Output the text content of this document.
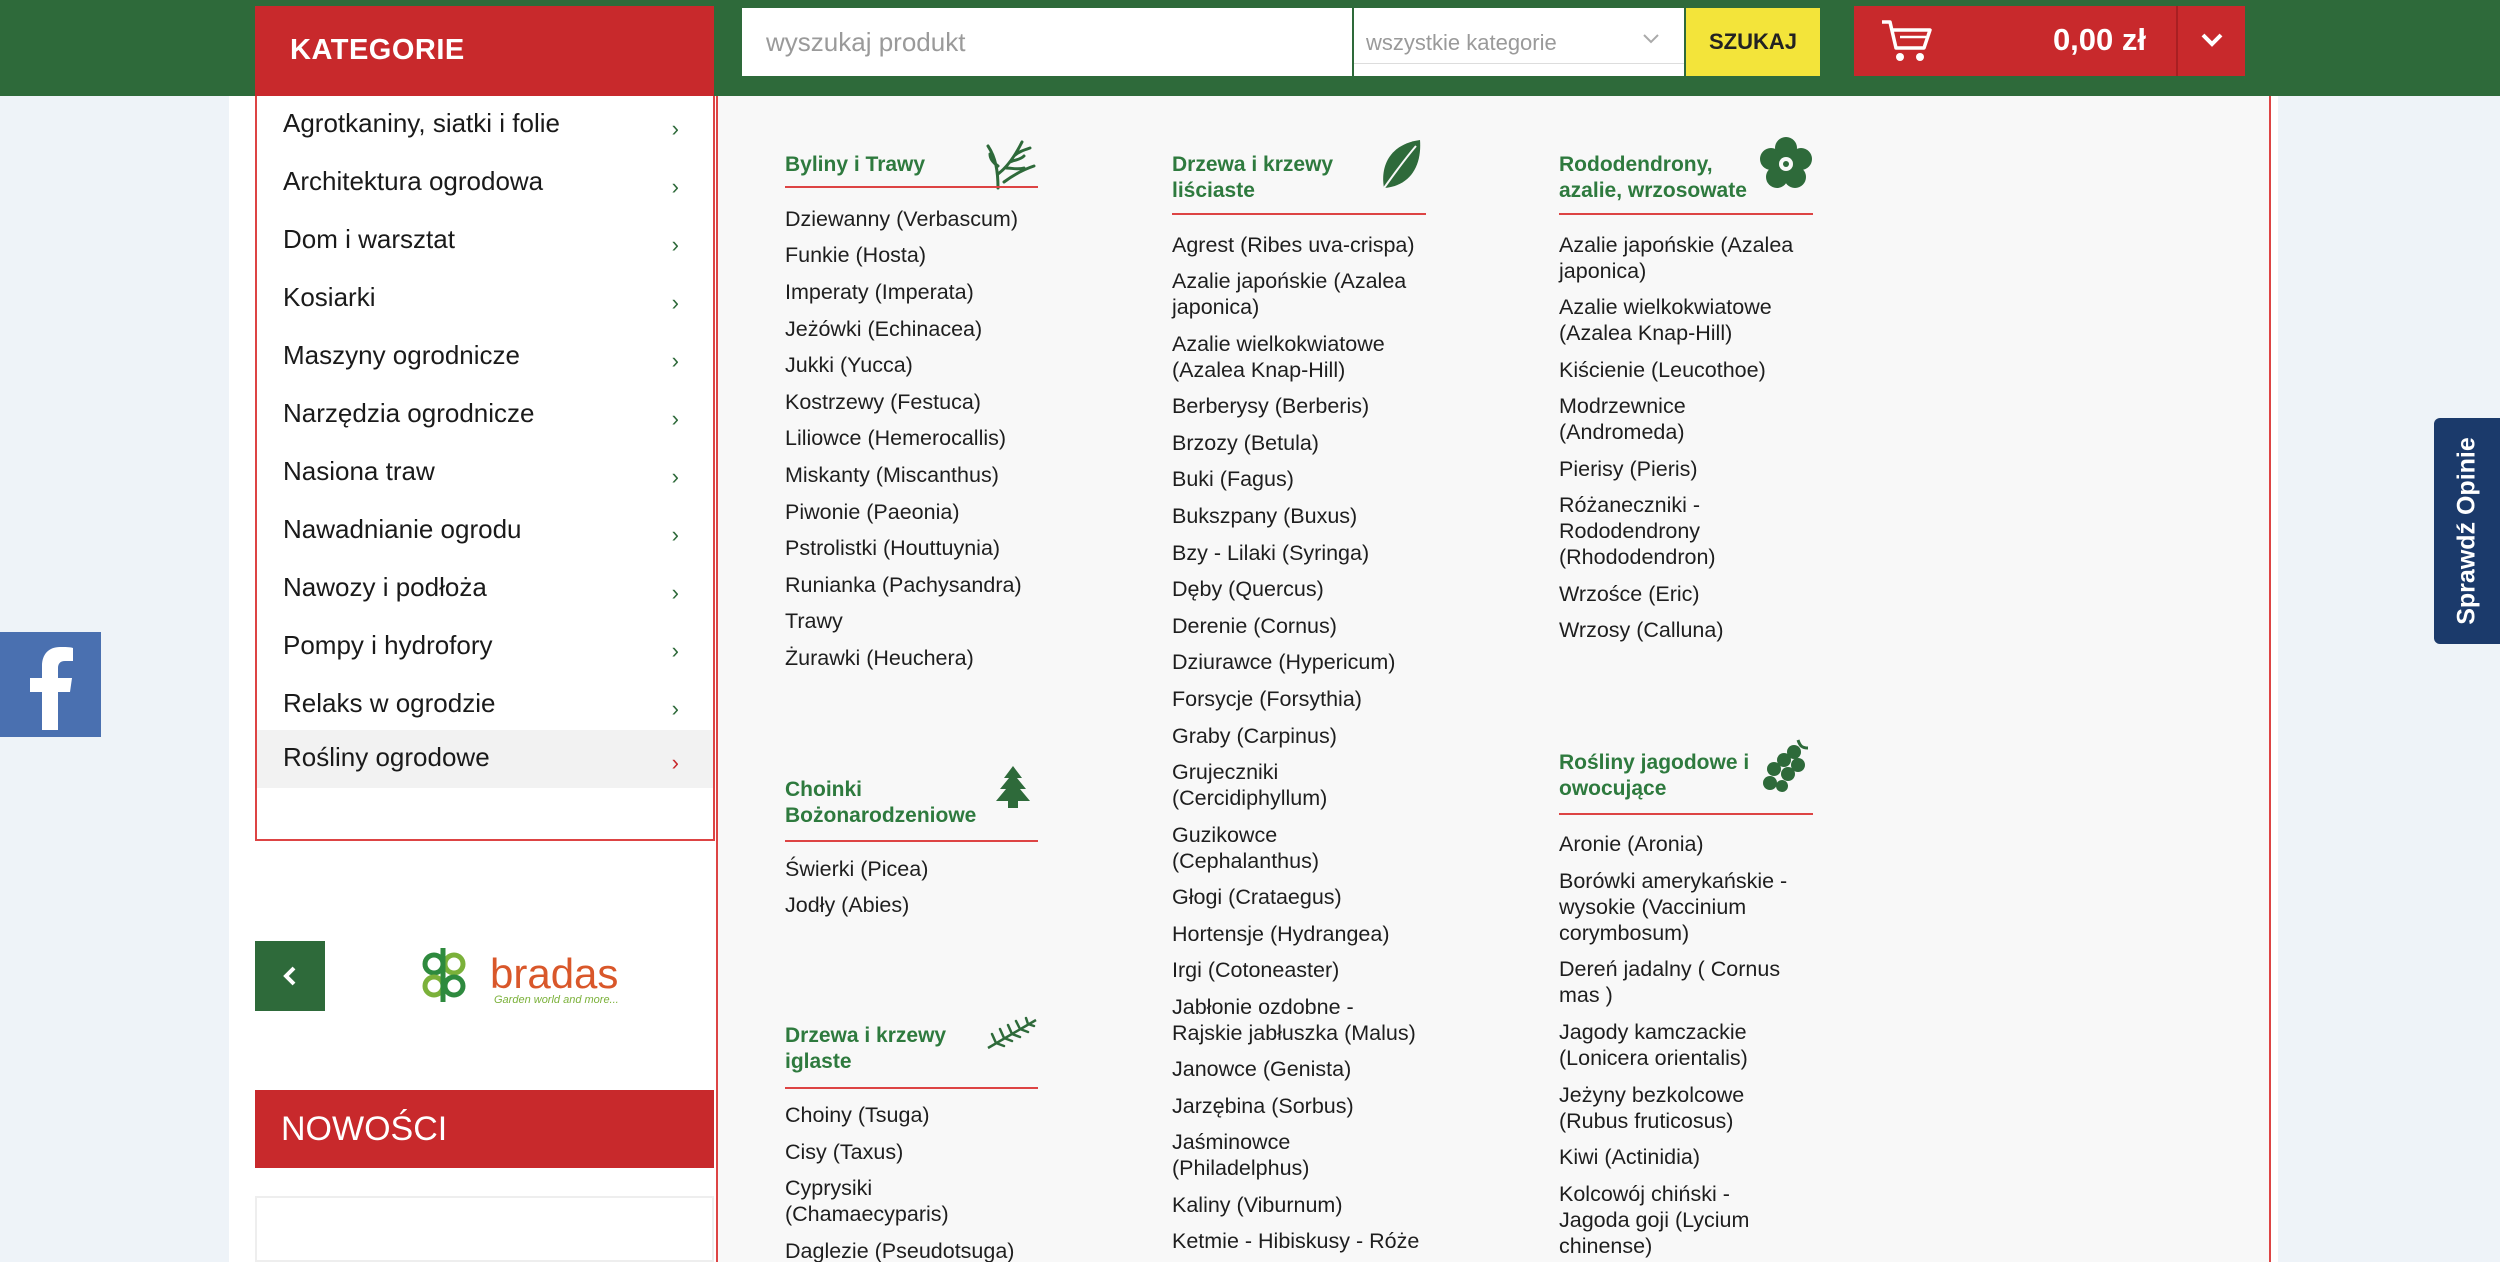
KATEGORIE
wyszukaj produkt	wszystkie kategorie	SZUKAJ	0,00 zł
Agrotkaniny, siatki i folie	›
Architektura ogrodowa	›
Dom i warsztat	›
Kosiarki	›
Maszyny ogrodnicze	›
Narzędzia ogrodnicze	›
Nasiona traw	›
Nawadnianie ogrodu	›
Nawozy i podłoża	›
Pompy i hydrofory	›
Relaks w ogrodzie	›
Rośliny ogrodowe	›
Byliny i Trawy
Dziewanny (Verbascum)
Funkie (Hosta)
Imperaty (Imperata)
Jeżówki (Echinacea)
Jukki (Yucca)
Kostrzewy (Festuca)
Liliowce (Hemerocallis)
Miskanty (Miscanthus)
Piwonie (Paeonia)
Pstrolistki (Houttuynia)
Runianka (Pachysandra)
Trawy
Żurawki (Heuchera)
Choinki
Bożonarodzeniowe
Świerki (Picea)
Jodły (Abies)
Drzewa i krzewy
iglaste
Choiny (Tsuga)
Cisy (Taxus)
Cyprysiki
(Chamaecyparis)
Daglezie (Pseudotsuga)
Drzewa i krzewy
liściaste
Agrest (Ribes uva-crispa)
Azalie japońskie (Azalea
japonica)
Azalie wielkokwiatowe
(Azalea Knap-Hill)
Berberysy (Berberis)
Brzozy (Betula)
Buki (Fagus)
Bukszpany (Buxus)
Bzy - Lilaki (Syringa)
Dęby (Quercus)
Derenie (Cornus)
Dziurawce (Hypericum)
Forsycje (Forsythia)
Graby (Carpinus)
Grujeczniki
(Cercidiphyllum)
Guzikowce
(Cephalanthus)
Głogi (Crataegus)
Hortensje (Hydrangea)
Irgi (Cotoneaster)
Jabłonie ozdobne -
Rajskie jabłuszka (Malus)
Janowce (Genista)
Jarzębina (Sorbus)
Jaśminowce
(Philadelphus)
Kaliny (Viburnum)
Ketmie - Hibiskusy - Róże
Rododendrony,
azalie, wrzosowate
Azalie japońskie (Azalea
japonica)
Azalie wielkokwiatowe
(Azalea Knap-Hill)
Kiścienie (Leucothoe)
Modrzewnice
(Andromeda)
Pierisy (Pieris)
Różaneczniki -
Rododendrony
(Rhododendron)
Wrzośce (Eric)
Wrzosy (Calluna)
Rośliny jagodowe i
owocujące
Aronie (Aronia)
Borówki amerykańskie -
wysokie (Vaccinium
corymbosum)
Dereń jadalny ( Cornus
mas )
Jagody kamczackie
(Lonicera orientalis)
Jeżyny bezkolcowe
(Rubus fruticosus)
Kiwi (Actinidia)
Kolcowój chiński -
Jagoda goji (Lycium
chinense)
bradas
Garden world and more...
NOWOŚCI
Sprawdź Opinie
